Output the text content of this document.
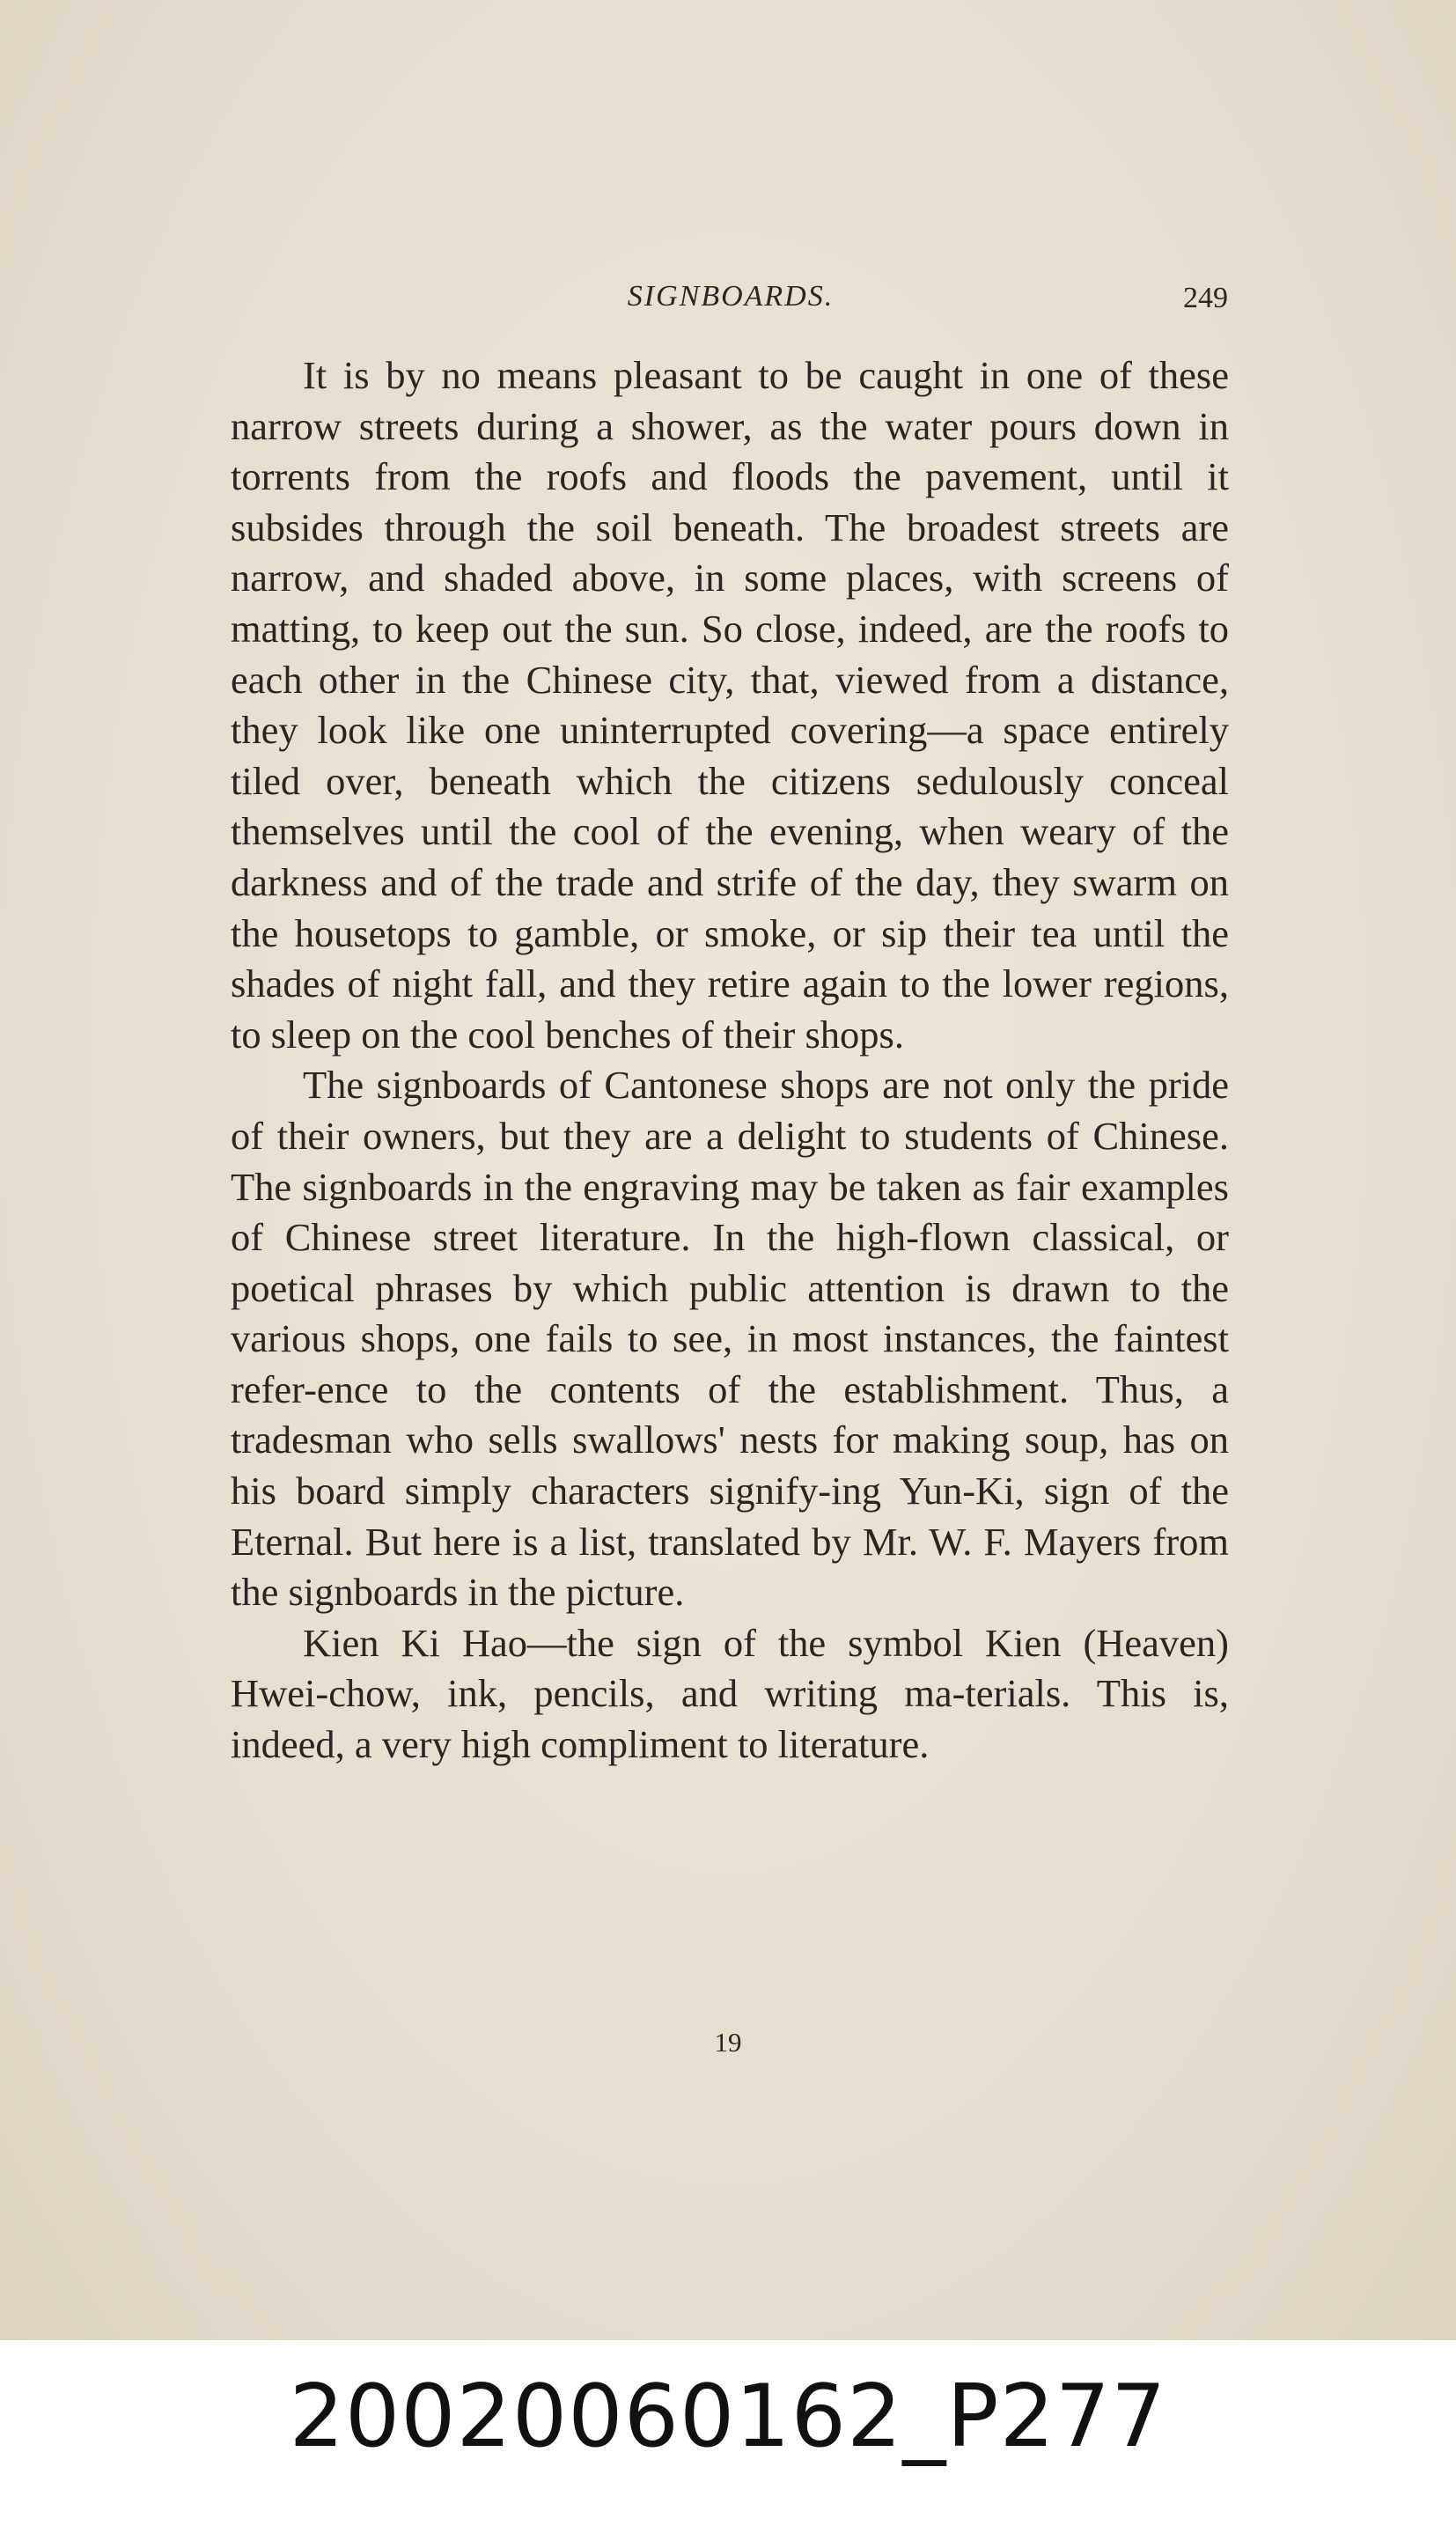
SIGNBOARDS.	249

It is by no means pleasant to be caught in one of these narrow streets during a shower, as the water pours down in torrents from the roofs and floods the pavement, until it subsides through the soil beneath. The broadest streets are narrow, and shaded above, in some places, with screens of matting, to keep out the sun. So close, indeed, are the roofs to each other in the Chinese city, that, viewed from a distance, they look like one uninterrupted covering—a space entirely tiled over, beneath which the citizens sedulously conceal themselves until the cool of the evening, when weary of the darkness and of the trade and strife of the day, they swarm on the housetops to gamble, or smoke, or sip their tea until the shades of night fall, and they retire again to the lower regions, to sleep on the cool benches of their shops.

The signboards of Cantonese shops are not only the pride of their owners, but they are a delight to students of Chinese. The signboards in the engraving may be taken as fair examples of Chinese street literature. In the high-flown classical, or poetical phrases by which public attention is drawn to the various shops, one fails to see, in most instances, the faintest refer-ence to the contents of the establishment. Thus, a tradesman who sells swallows' nests for making soup, has on his board simply characters signify-ing Yun-Ki, sign of the Eternal. But here is a list, translated by Mr. W. F. Mayers from the signboards in the picture.

Kien Ki Hao—the sign of the symbol Kien (Heaven) Hwei-chow, ink, pencils, and writing ma-terials. This is, indeed, a very high compliment to literature.

19
20020060162_P277
